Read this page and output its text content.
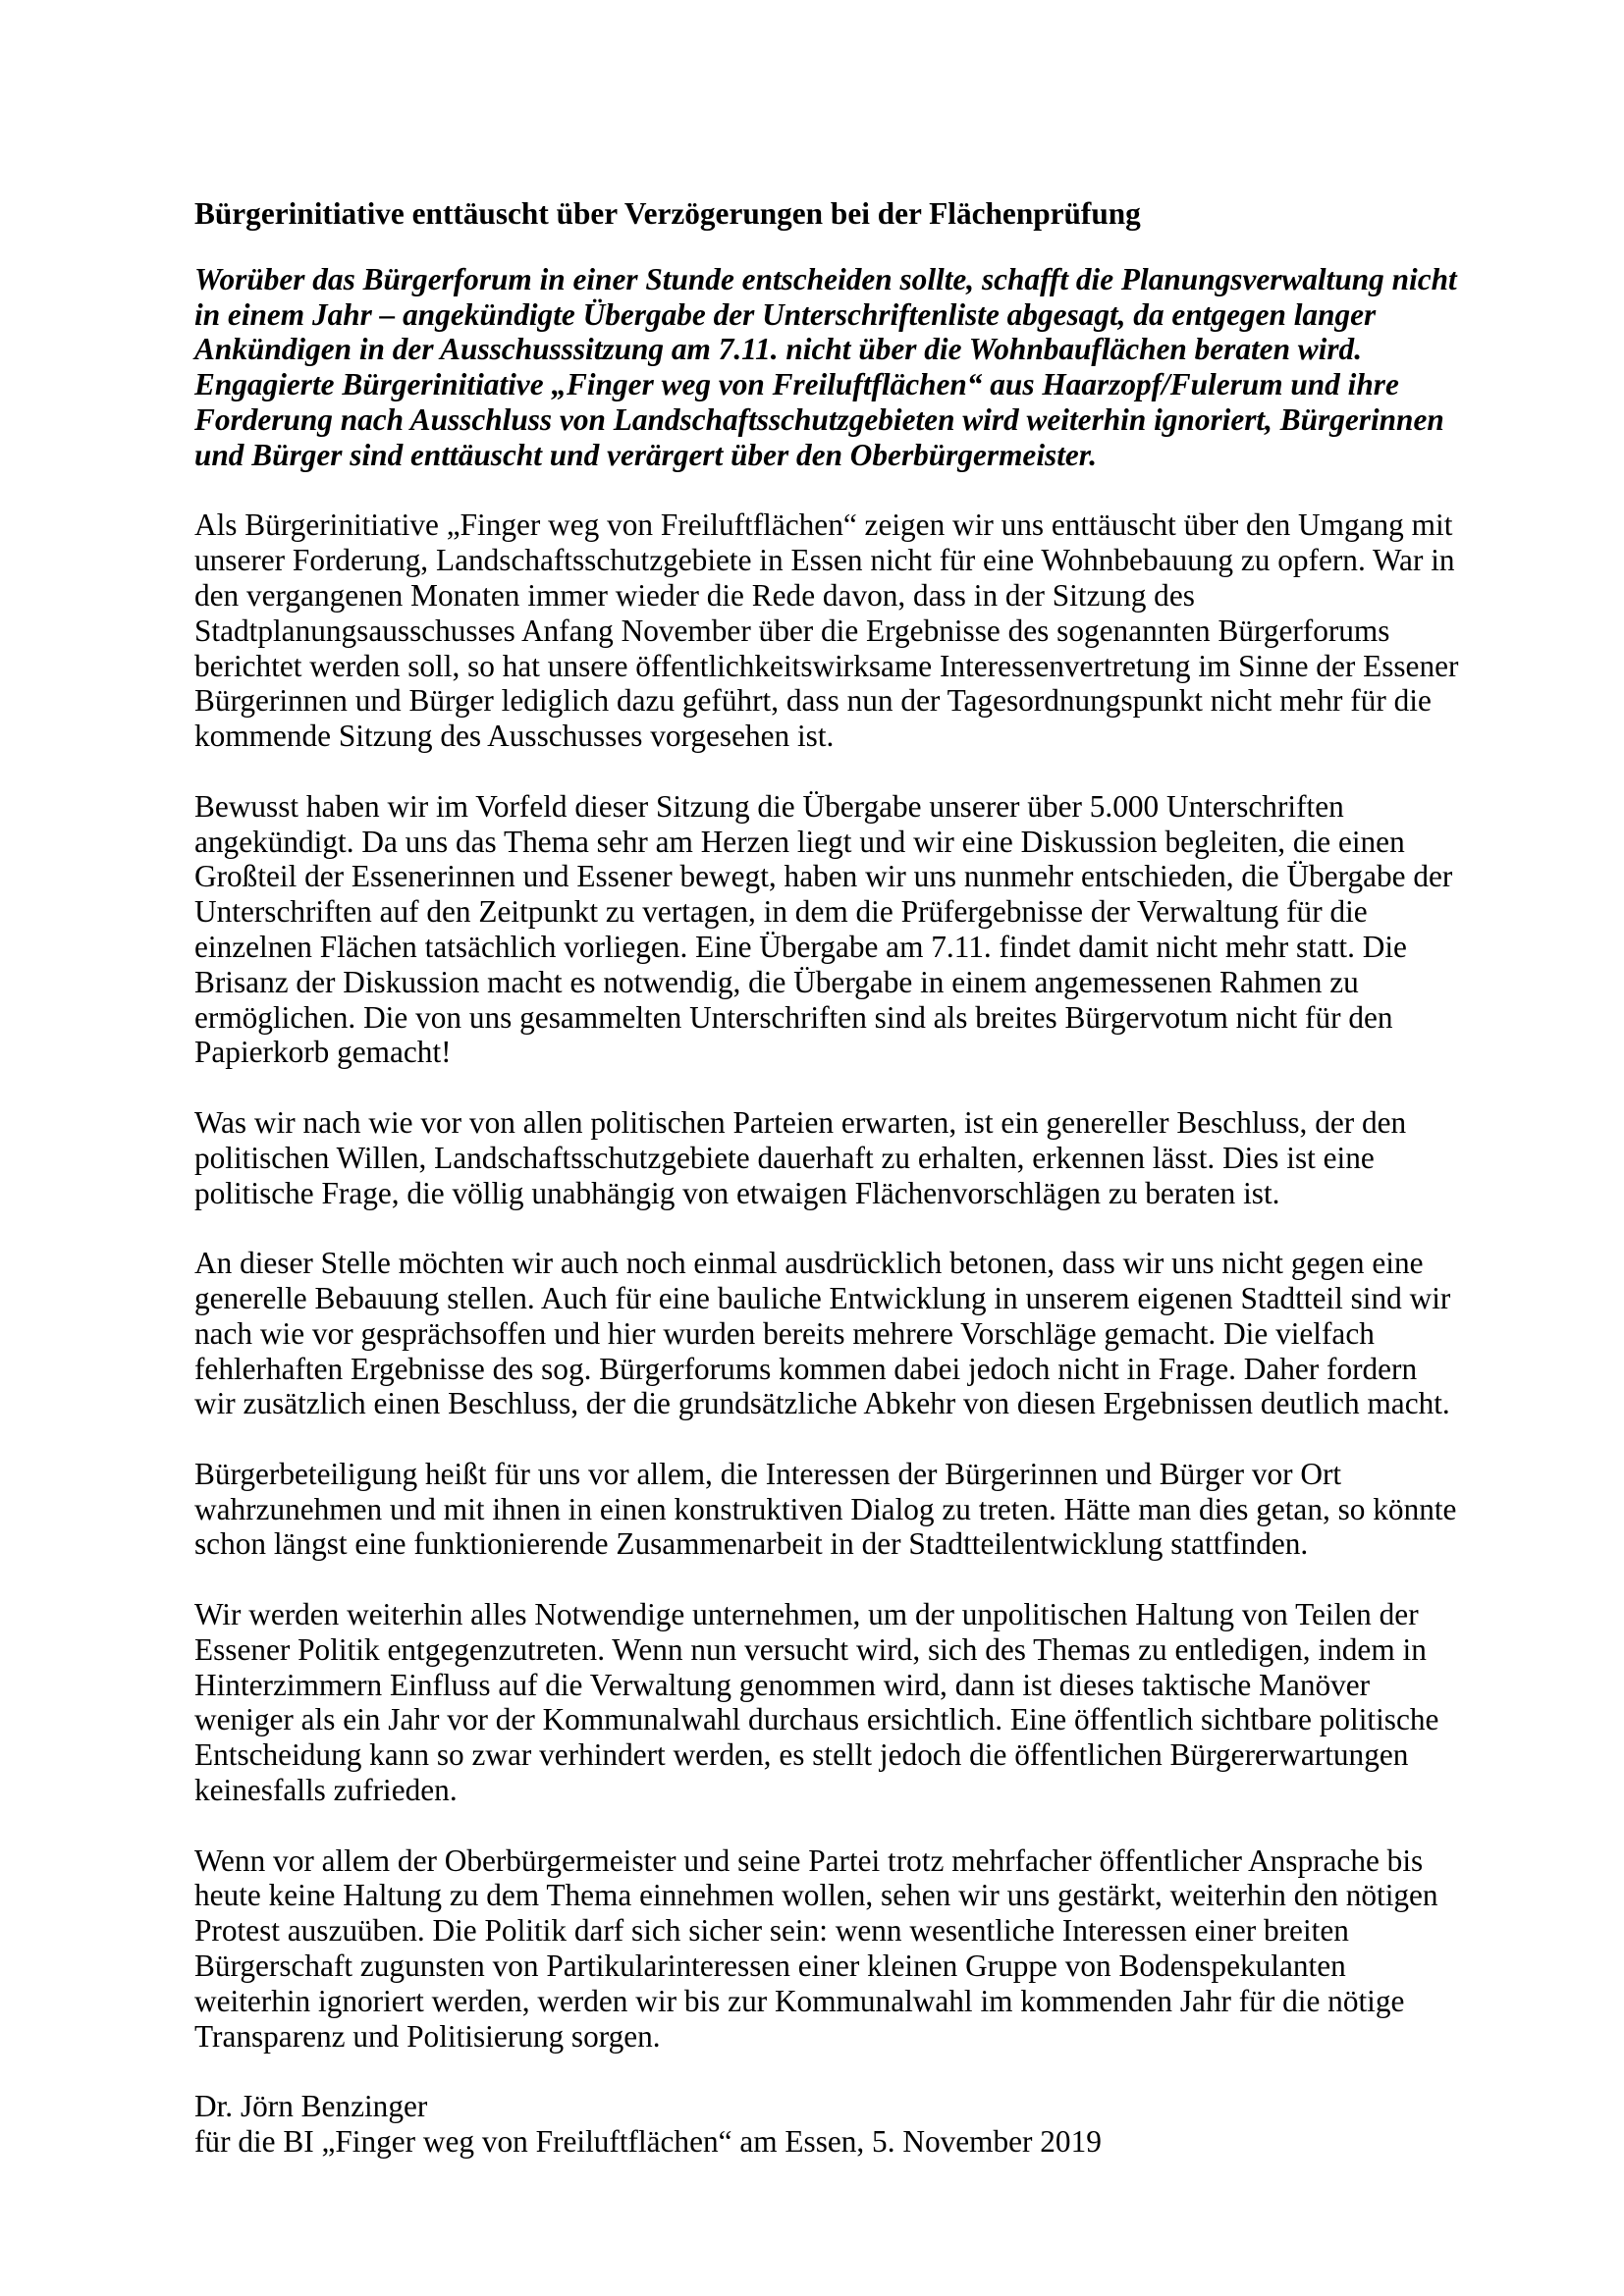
Bürgerinitiative enttäuscht über Verzögerungen bei der Flächenprüfung
Worüber das Bürgerforum in einer Stunde entscheiden sollte, schafft die Planungsverwaltung nicht
in einem Jahr – angekündigte Übergabe der Unterschriftenliste abgesagt, da entgegen langer
Ankündigen in der Ausschusssitzung am 7.11. nicht über die Wohnbauflächen beraten wird.
Engagierte Bürgerinitiative „Finger weg von Freiluftflächen“ aus Haarzopf/Fulerum und ihre
Forderung nach Ausschluss von Landschaftsschutzgebieten wird weiterhin ignoriert, Bürgerinnen
und Bürger sind enttäuscht und verärgert über den Oberbürgermeister.
Als Bürgerinitiative „Finger weg von Freiluftflächen“ zeigen wir uns enttäuscht über den Umgang mit
unserer Forderung, Landschaftsschutzgebiete in Essen nicht für eine Wohnbebauung zu opfern. War in
den vergangenen Monaten immer wieder die Rede davon, dass in der Sitzung des
Stadtplanungsausschusses Anfang November über die Ergebnisse des sogenannten Bürgerforums
berichtet werden soll, so hat unsere öffentlichkeitswirksame Interessenvertretung im Sinne der Essener
Bürgerinnen und Bürger lediglich dazu geführt, dass nun der Tagesordnungspunkt nicht mehr für die
kommende Sitzung des Ausschusses vorgesehen ist.
Bewusst haben wir im Vorfeld dieser Sitzung die Übergabe unserer über 5.000 Unterschriften
angekündigt. Da uns das Thema sehr am Herzen liegt und wir eine Diskussion begleiten, die einen
Großteil der Essenerinnen und Essener bewegt, haben wir uns nunmehr entschieden, die Übergabe der
Unterschriften auf den Zeitpunkt zu vertagen, in dem die Prüfergebnisse der Verwaltung für die
einzelnen Flächen tatsächlich vorliegen. Eine Übergabe am 7.11. findet damit nicht mehr statt. Die
Brisanz der Diskussion macht es notwendig, die Übergabe in einem angemessenen Rahmen zu
ermöglichen. Die von uns gesammelten Unterschriften sind als breites Bürgervotum nicht für den
Papierkorb gemacht!
Was wir nach wie vor von allen politischen Parteien erwarten, ist ein genereller Beschluss, der den
politischen Willen, Landschaftsschutzgebiete dauerhaft zu erhalten, erkennen lässt. Dies ist eine
politische Frage, die völlig unabhängig von etwaigen Flächenvorschlägen zu beraten ist.
An dieser Stelle möchten wir auch noch einmal ausdrücklich betonen, dass wir uns nicht gegen eine
generelle Bebauung stellen. Auch für eine bauliche Entwicklung in unserem eigenen Stadtteil sind wir
nach wie vor gesprächsoffen und hier wurden bereits mehrere Vorschläge gemacht. Die vielfach
fehlerhaften Ergebnisse des sog. Bürgerforums kommen dabei jedoch nicht in Frage. Daher fordern
wir zusätzlich einen Beschluss, der die grundsätzliche Abkehr von diesen Ergebnissen deutlich macht.
Bürgerbeteiligung heißt für uns vor allem, die Interessen der Bürgerinnen und Bürger vor Ort
wahrzunehmen und mit ihnen in einen konstruktiven Dialog zu treten. Hätte man dies getan, so könnte
schon längst eine funktionierende Zusammenarbeit in der Stadtteilentwicklung stattfinden.
Wir werden weiterhin alles Notwendige unternehmen, um der unpolitischen Haltung von Teilen der
Essener Politik entgegenzutreten. Wenn nun versucht wird, sich des Themas zu entledigen, indem in
Hinterzimmern Einfluss auf die Verwaltung genommen wird, dann ist dieses taktische Manöver
weniger als ein Jahr vor der Kommunalwahl durchaus ersichtlich. Eine öffentlich sichtbare politische
Entscheidung kann so zwar verhindert werden, es stellt jedoch die öffentlichen Bürgererwartungen
keinesfalls zufrieden.
Wenn vor allem der Oberbürgermeister und seine Partei trotz mehrfacher öffentlicher Ansprache bis
heute keine Haltung zu dem Thema einnehmen wollen, sehen wir uns gestärkt, weiterhin den nötigen
Protest auszuüben. Die Politik darf sich sicher sein: wenn wesentliche Interessen einer breiten
Bürgerschaft zugunsten von Partikularinteressen einer kleinen Gruppe von Bodenspekulanten
weiterhin ignoriert werden, werden wir bis zur Kommunalwahl im kommenden Jahr für die nötige
Transparenz und Politisierung sorgen.
Dr. Jörn Benzinger
für die BI „Finger weg von Freiluftflächen“ am Essen, 5. November 2019
